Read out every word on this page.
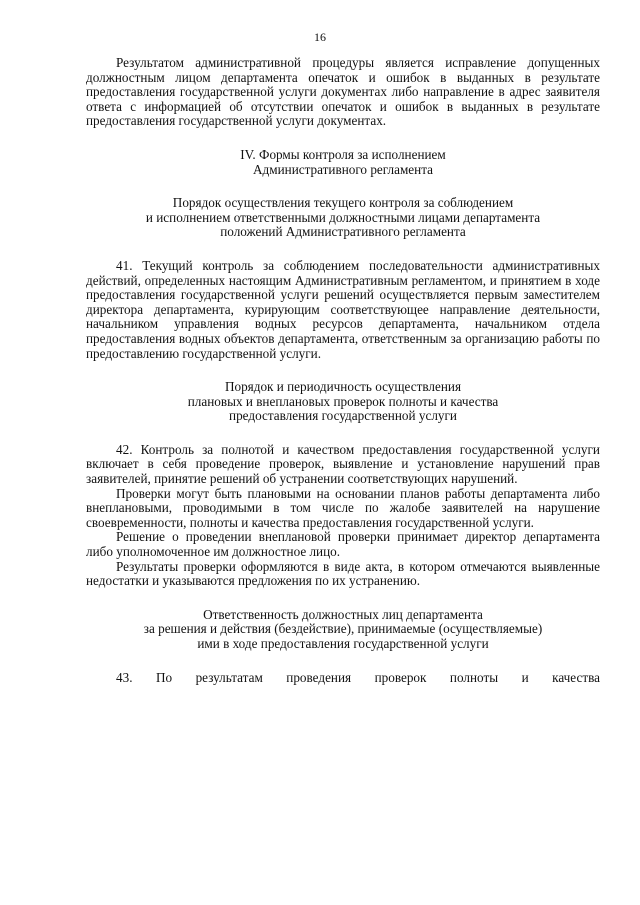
16

Результатом административной процедуры является исправление допущенных должностным лицом департамента опечаток и ошибок в выданных в результате предоставления государственной услуги документах либо направление в адрес заявителя ответа с информацией об отсутствии опечаток и ошибок в выданных в результате предоставления государственной услуги документах.

IV. Формы контроля за исполнением

Административного регламента

Порядок осуществления текущего контроля за соблюдением

и исполнением ответственными должностными лицами департамента

положений Административного регламента

41. Текущий контроль за соблюдением последовательности административных действий, определенных настоящим Административным регламентом, и принятием в ходе предоставления государственной услуги решений осуществляется первым заместителем директора департамента, курирующим соответствующее направление деятельности, начальником управления водных ресурсов департамента, начальником отдела предоставления водных объектов департамента, ответственным за организацию работы по предоставлению государственной услуги.

Порядок и периодичность осуществления

плановых и внеплановых проверок полноты и качества

предоставления государственной услуги

42. Контроль за полнотой и качеством предоставления государственной услуги включает в себя проведение проверок, выявление и установление нарушений прав заявителей, принятие решений об устранении соответствующих нарушений.

Проверки могут быть плановыми на основании планов работы департамента либо внеплановыми, проводимыми в том числе по жалобе заявителей на нарушение своевременности, полноты и качества предоставления государственной услуги.

Решение о проведении внеплановой проверки принимает директор департамента либо уполномоченное им должностное лицо.

Результаты проверки оформляются в виде акта, в котором отмечаются выявленные недостатки и указываются предложения по их устранению.

Ответственность должностных лиц департамента

за решения и действия (бездействие), принимаемые (осуществляемые)

ими в ходе предоставления государственной услуги

43. По результатам проведения проверок полноты и качества
